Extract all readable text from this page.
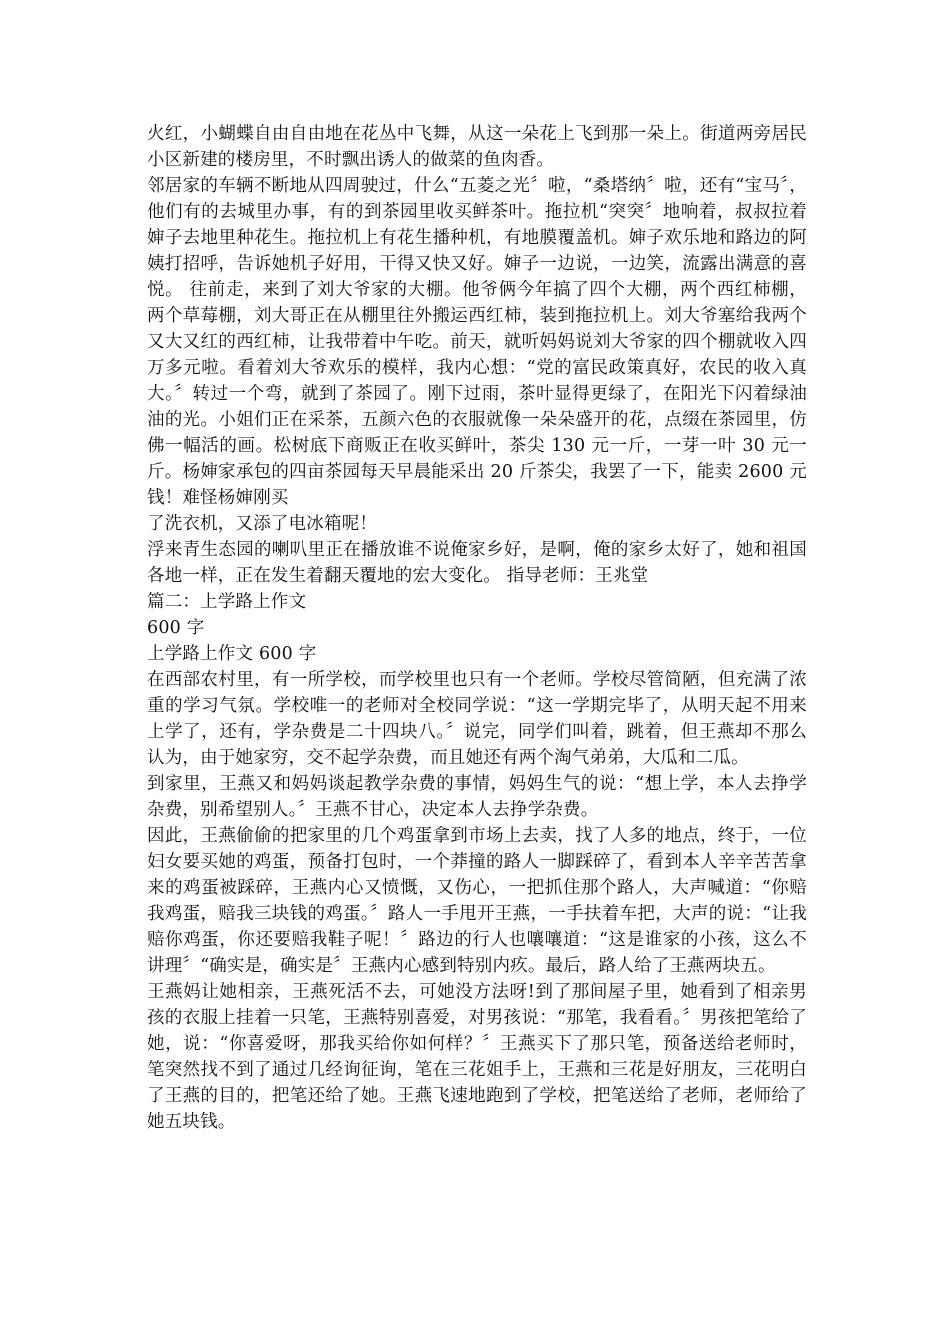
火红，小蝴蝶自由自由地在花丛中飞舞，从这一朵花上飞到那一朵上。街道两旁居民小区新建的楼房里，不时飘出诱人的做菜的鱼肉香。

邻居家的车辆不断地从四周驶过，什么“五菱之光〞啦，“桑塔纳〞啦，还有“宝马〞，他们有的去城里办事，有的到茶园里收买鲜茶叶。拖拉机“突突〞地响着，叔叔拉着婶子去地里种花生。拖拉机上有花生播种机，有地膜覆盖机。婶子欢乐地和路边的阿姨打招呼，告诉她机子好用，干得又快又好。婶子一边说，一边笑，流露出满意的喜悦。 往前走，来到了刘大爷家的大棚。他爷俩今年搞了四个大棚，两个西红柿棚，两个草莓棚，刘大哥正在从棚里往外搬运西红柿，装到拖拉机上。刘大爷塞给我两个又大又红的西红柿，让我带着中午吃。前天，就听妈妈说刘大爷家的四个棚就收入四万多元啦。看着刘大爷欢乐的模样，我内心想：“党的富民政策真好，农民的收入真大。〞转过一个弯，就到了茶园了。刚下过雨，茶叶显得更绿了，在阳光下闪着绿油油的光。小姐们正在采茶，五颜六色的衣服就像一朵朵盛开的花，点缀在茶园里，仿佛一幅活的画。松树底下商贩正在收买鲜叶，茶尖 130 元一斤，一芽一叶 30 元一斤。杨婶家承包的四亩茶园每天早晨能采出 20 斤茶尖，我罢了一下，能卖 2600 元钱！难怪杨婶刚买

了洗衣机，又添了电冰箱呢！

浮来青生态园的喇叭里正在播放谁不说俺家乡好，是啊，俺的家乡太好了，她和祖国各地一样，正在发生着翻天覆地的宏大变化。 指导老师：王兆堂

篇二：上学路上作文

600 字

上学路上作文 600 字

在西部农村里，有一所学校，而学校里也只有一个老师。学校尽管简陋，但充满了浓重的学习气氛。学校唯一的老师对全校同学说：“这一学期完毕了，从明天起不用来上学了，还有，学杂费是二十四块八。〞说完，同学们叫着，跳着，但王燕却不那么认为，由于她家穷，交不起学杂费，而且她还有两个淘气弟弟，大瓜和二瓜。

到家里，王燕又和妈妈谈起教学杂费的事情，妈妈生气的说：“想上学，本人去挣学杂费，别希望别人。〞王燕不甘心，决定本人去挣学杂费。

因此，王燕偷偷的把家里的几个鸡蛋拿到市场上去卖，找了人多的地点，终于，一位妇女要买她的鸡蛋，预备打包时，一个莽撞的路人一脚踩碎了，看到本人辛辛苦苦拿来的鸡蛋被踩碎，王燕内心又愤慨，又伤心，一把抓住那个路人，大声喊道：“你赔我鸡蛋，赔我三块钱的鸡蛋。〞路人一手甩开王燕，一手扶着车把，大声的说：“让我赔你鸡蛋，你还要赔我鞋子呢！〞路边的行人也嚷嚷道：“这是谁家的小孩，这么不讲理〞“确实是，确实是〞王燕内心感到特别内疚。最后，路人给了王燕两块五。

王燕妈让她相亲，王燕死活不去，可她没方法呀!到了那间屋子里，她看到了相亲男孩的衣服上挂着一只笔，王燕特别喜爱，对男孩说：“那笔，我看看。〞男孩把笔给了她，说：“你喜爱呀，那我买给你如何样？〞王燕买下了那只笔，预备送给老师时，笔突然找不到了通过几经询征询，笔在三花姐手上，王燕和三花是好朋友，三花明白了王燕的目的，把笔还给了她。王燕飞速地跑到了学校，把笔送给了老师，老师给了她五块钱。
